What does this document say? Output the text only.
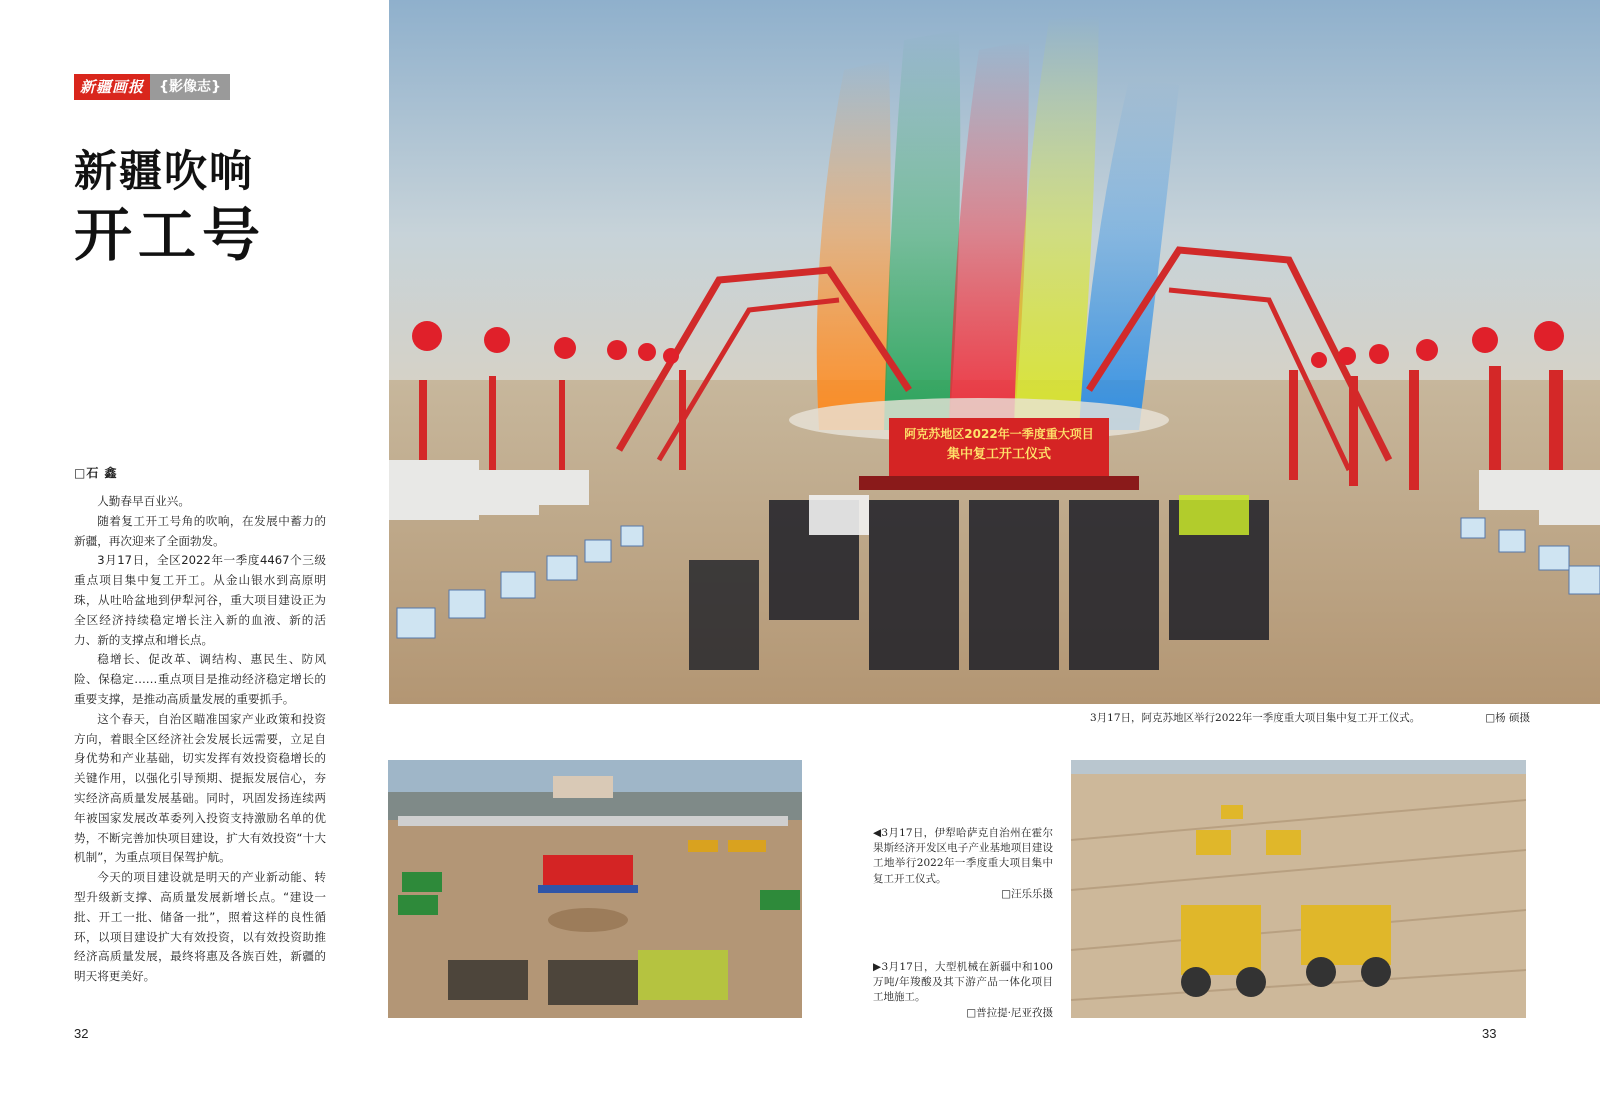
新疆画报	{影像志}
新疆吹响
开工号
□石 鑫

人勤春早百业兴。

随着复工开工号角的吹响，在发展中蓄力的新疆，再次迎来了全面勃发。

3月17日，全区2022年一季度4467个三级重点项目集中复工开工。从金山银水到高原明珠，从吐哈盆地到伊犁河谷，重大项目建设正为全区经济持续稳定增长注入新的血液、新的活力、新的支撑点和增长点。

稳增长、促改革、调结构、惠民生、防风险、保稳定……重点项目是推动经济稳定增长的重要支撑，是推动高质量发展的重要抓手。

这个春天，自治区瞄准国家产业政策和投资方向，着眼全区经济社会发展长远需要，立足自身优势和产业基础，切实发挥有效投资稳增长的关键作用，以强化引导预期、提振发展信心，夯实经济高质量发展基础。同时，巩固发扬连续两年被国家发展改革委列入投资支持激励名单的优势，不断完善加快项目建设，扩大有效投资“十大机制”，为重点项目保驾护航。

今天的项目建设就是明天的产业新动能、转型升级新支撑、高质量发展新增长点。“建设一批、开工一批、储备一批”，照着这样的良性循环，以项目建设扩大有效投资，以有效投资助推经济高质量发展，最终将惠及各族百姓，新疆的明天将更美好。

阿克苏地区2022年一季度重大项目
集中复工开工仪式
3月17日，阿克苏地区举行2022年一季度重大项目集中复工开工仪式。	□杨 硕摄
◀3月17日，伊犁哈萨克自治州在霍尔果斯经济开发区电子产业基地项目建设工地举行2022年一季度重大项目集中复工开工仪式。
□汪乐乐摄
▶3月17日，大型机械在新疆中和100万吨/年羧酸及其下游产品一体化项目工地施工。
□普拉提·尼亚孜摄
32	33
